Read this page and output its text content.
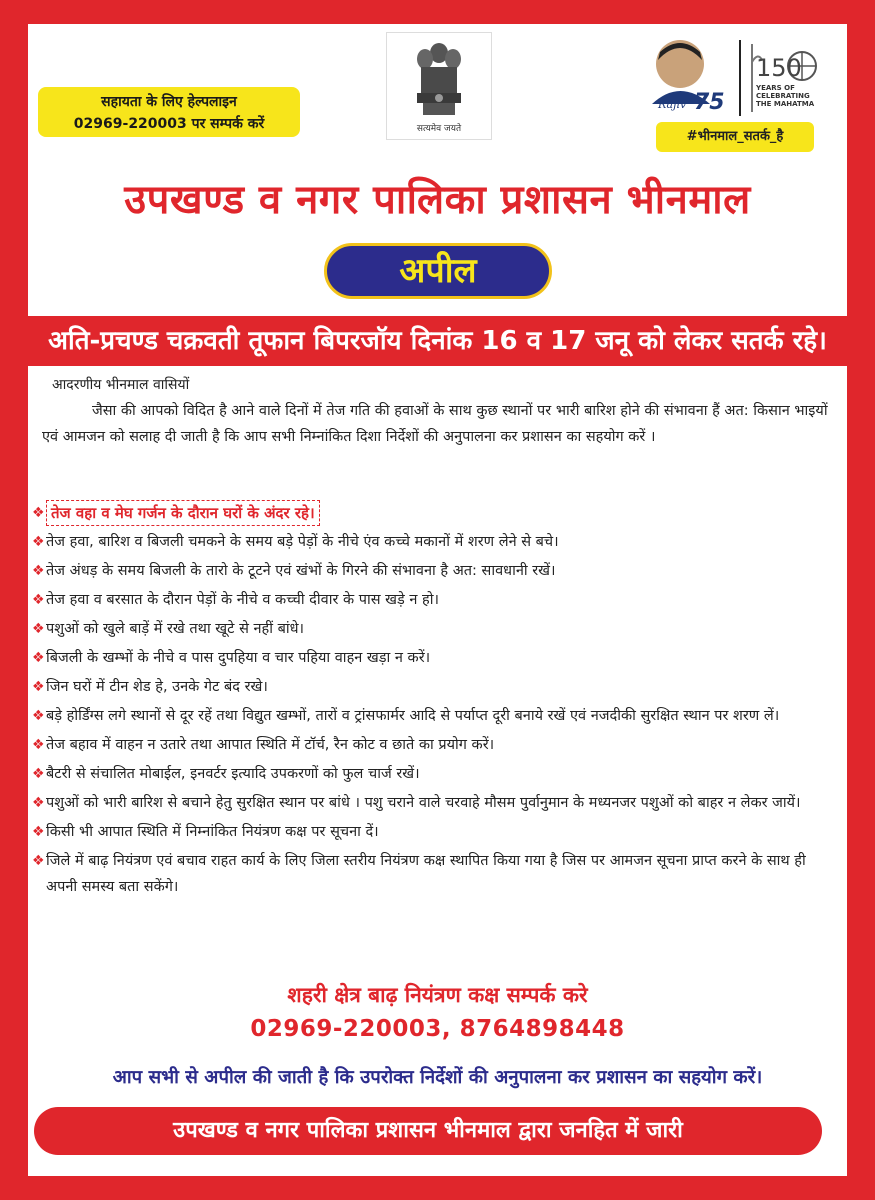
सहायता के लिए हेल्पलाइन
02969-220003 पर सम्पर्क करें	सत्यमेव जयते
Rajiv 75
150
YEARS OF CELEBRATING THE MAHATMA
#भीनमाल_सतर्क_है
उपखण्ड व नगर पालिका प्रशासन भीनमाल
अपील
अति-प्रचण्ड चक्रवती तूफान बिपरजॉय दिनांक 16 व 17 जनू को लेकर सतर्क रहे।
आदरणीय भीनमाल वासियों
जैसा की आपको विदित है आने वाले दिनों में तेज गति की हवाओं के साथ कुछ स्थानों पर भारी बारिश होने की संभावना हैं अत: किसान भाइयों एवं आमजन को सलाह दी जाती है कि आप सभी निम्नांकित दिशा निर्देशों की अनुपालना कर प्रशासन का सहयोग करें ।
❖ तेज वहा व मेघ गर्जन के दौरान घरों के अंदर रहे।
❖ तेज हवा, बारिश व बिजली चमकने के समय बड़े पेड़ों के नीचे एंव कच्चे मकानों में शरण लेने से बचे।
❖ तेज अंधड़ के समय बिजली के तारो के टूटने एवं खंभों के गिरने की संभावना है अत: सावधानी रखें।
❖ तेज हवा व बरसात के दौरान पेड़ों के नीचे व कच्ची दीवार के पास खड़े न हो।
❖ पशुओं को खुले बाड़ें में रखे तथा खूटे से नहीं बांधे।
❖ बिजली के खम्भों के नीचे व पास दुपहिया व चार पहिया वाहन खड़ा न करें।
❖ जिन घरों में टीन शेड हे, उनके गेट बंद रखे।
❖ बड़े होर्डिंग्स लगे स्थानों से दूर रहें तथा विद्युत खम्भों, तारों व ट्रांसफार्मर आदि से पर्याप्त दूरी बनाये रखें एवं नजदीकी सुरक्षित स्थान पर शरण लें।
❖ तेज बहाव में वाहन न उतारे तथा आपात स्थिति में टॉर्च, रैन कोट व छाते का प्रयोग करें।
❖ बैटरी से संचालित मोबाईल, इनवर्टर इत्यादि उपकरणों को फुल चार्ज रखें।
❖ पशुओं को भारी बारिश से बचाने हेतु सुरक्षित स्थान पर बांधे । पशु चराने वाले चरवाहे मौसम पुर्वानुमान के मध्यनजर पशुओं को बाहर न लेकर जायें।
❖ किसी भी आपात स्थिति में निम्नांकित नियंत्रण कक्ष पर सूचना दें।
❖ जिले में बाढ़ नियंत्रण एवं बचाव राहत कार्य के लिए जिला स्तरीय नियंत्रण कक्ष स्थापित किया गया है जिस पर आमजन सूचना प्राप्त करने के साथ ही अपनी समस्य बता सकेंगे।
शहरी क्षेत्र बाढ़ नियंत्रण कक्ष सम्पर्क करे
02969-220003, 8764898448
आप सभी से अपील की जाती है कि उपरोक्त निर्देशों की अनुपालना कर प्रशासन का सहयोग करें।
उपखण्ड व नगर पालिका प्रशासन भीनमाल द्वारा जनहित में जारी
